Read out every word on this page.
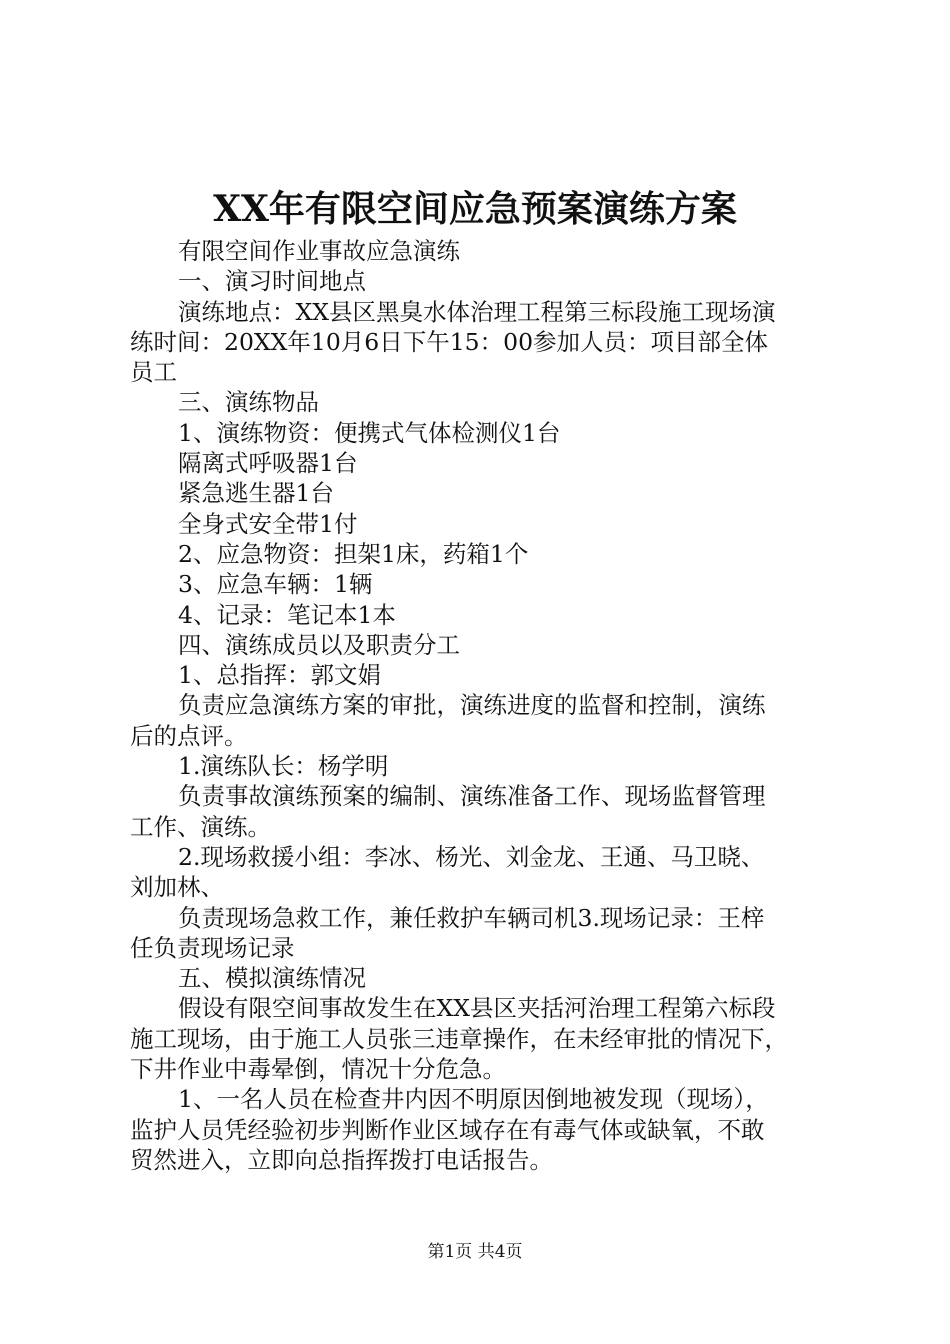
XX年有限空间应急预案演练方案

有限空间作业事故应急演练

一、演习时间地点

演练地点：XX县区黑臭水体治理工程第三标段施工现场演

练时间：20XX年10月6日下午15：00参加人员：项目部全体

员工

三、演练物品

1、演练物资：便携式气体检测仪1台

隔离式呼吸器1台

紧急逃生器1台

全身式安全带1付

2、应急物资：担架1床，药箱1个

3、应急车辆：1辆

4、记录：笔记本1本

四、演练成员以及职责分工

1、总指挥：郭文娟

负责应急演练方案的审批，演练进度的监督和控制，演练

后的点评。

1.演练队长：杨学明

负责事故演练预案的编制、演练准备工作、现场监督管理

工作、演练。

2.现场救援小组：李冰、杨光、刘金龙、王通、马卫晓、

刘加林、

负责现场急救工作，兼任救护车辆司机3.现场记录：王梓

任负责现场记录

五、模拟演练情况

假设有限空间事故发生在XX县区夹括河治理工程第六标段

施工现场，由于施工人员张三违章操作，在未经审批的情况下，

下井作业中毒晕倒，情况十分危急。

1、一名人员在检查井内因不明原因倒地被发现（现场），

监护人员凭经验初步判断作业区域存在有毒气体或缺氧，不敢

贸然进入，立即向总指挥拨打电话报告。

第1页 共4页
